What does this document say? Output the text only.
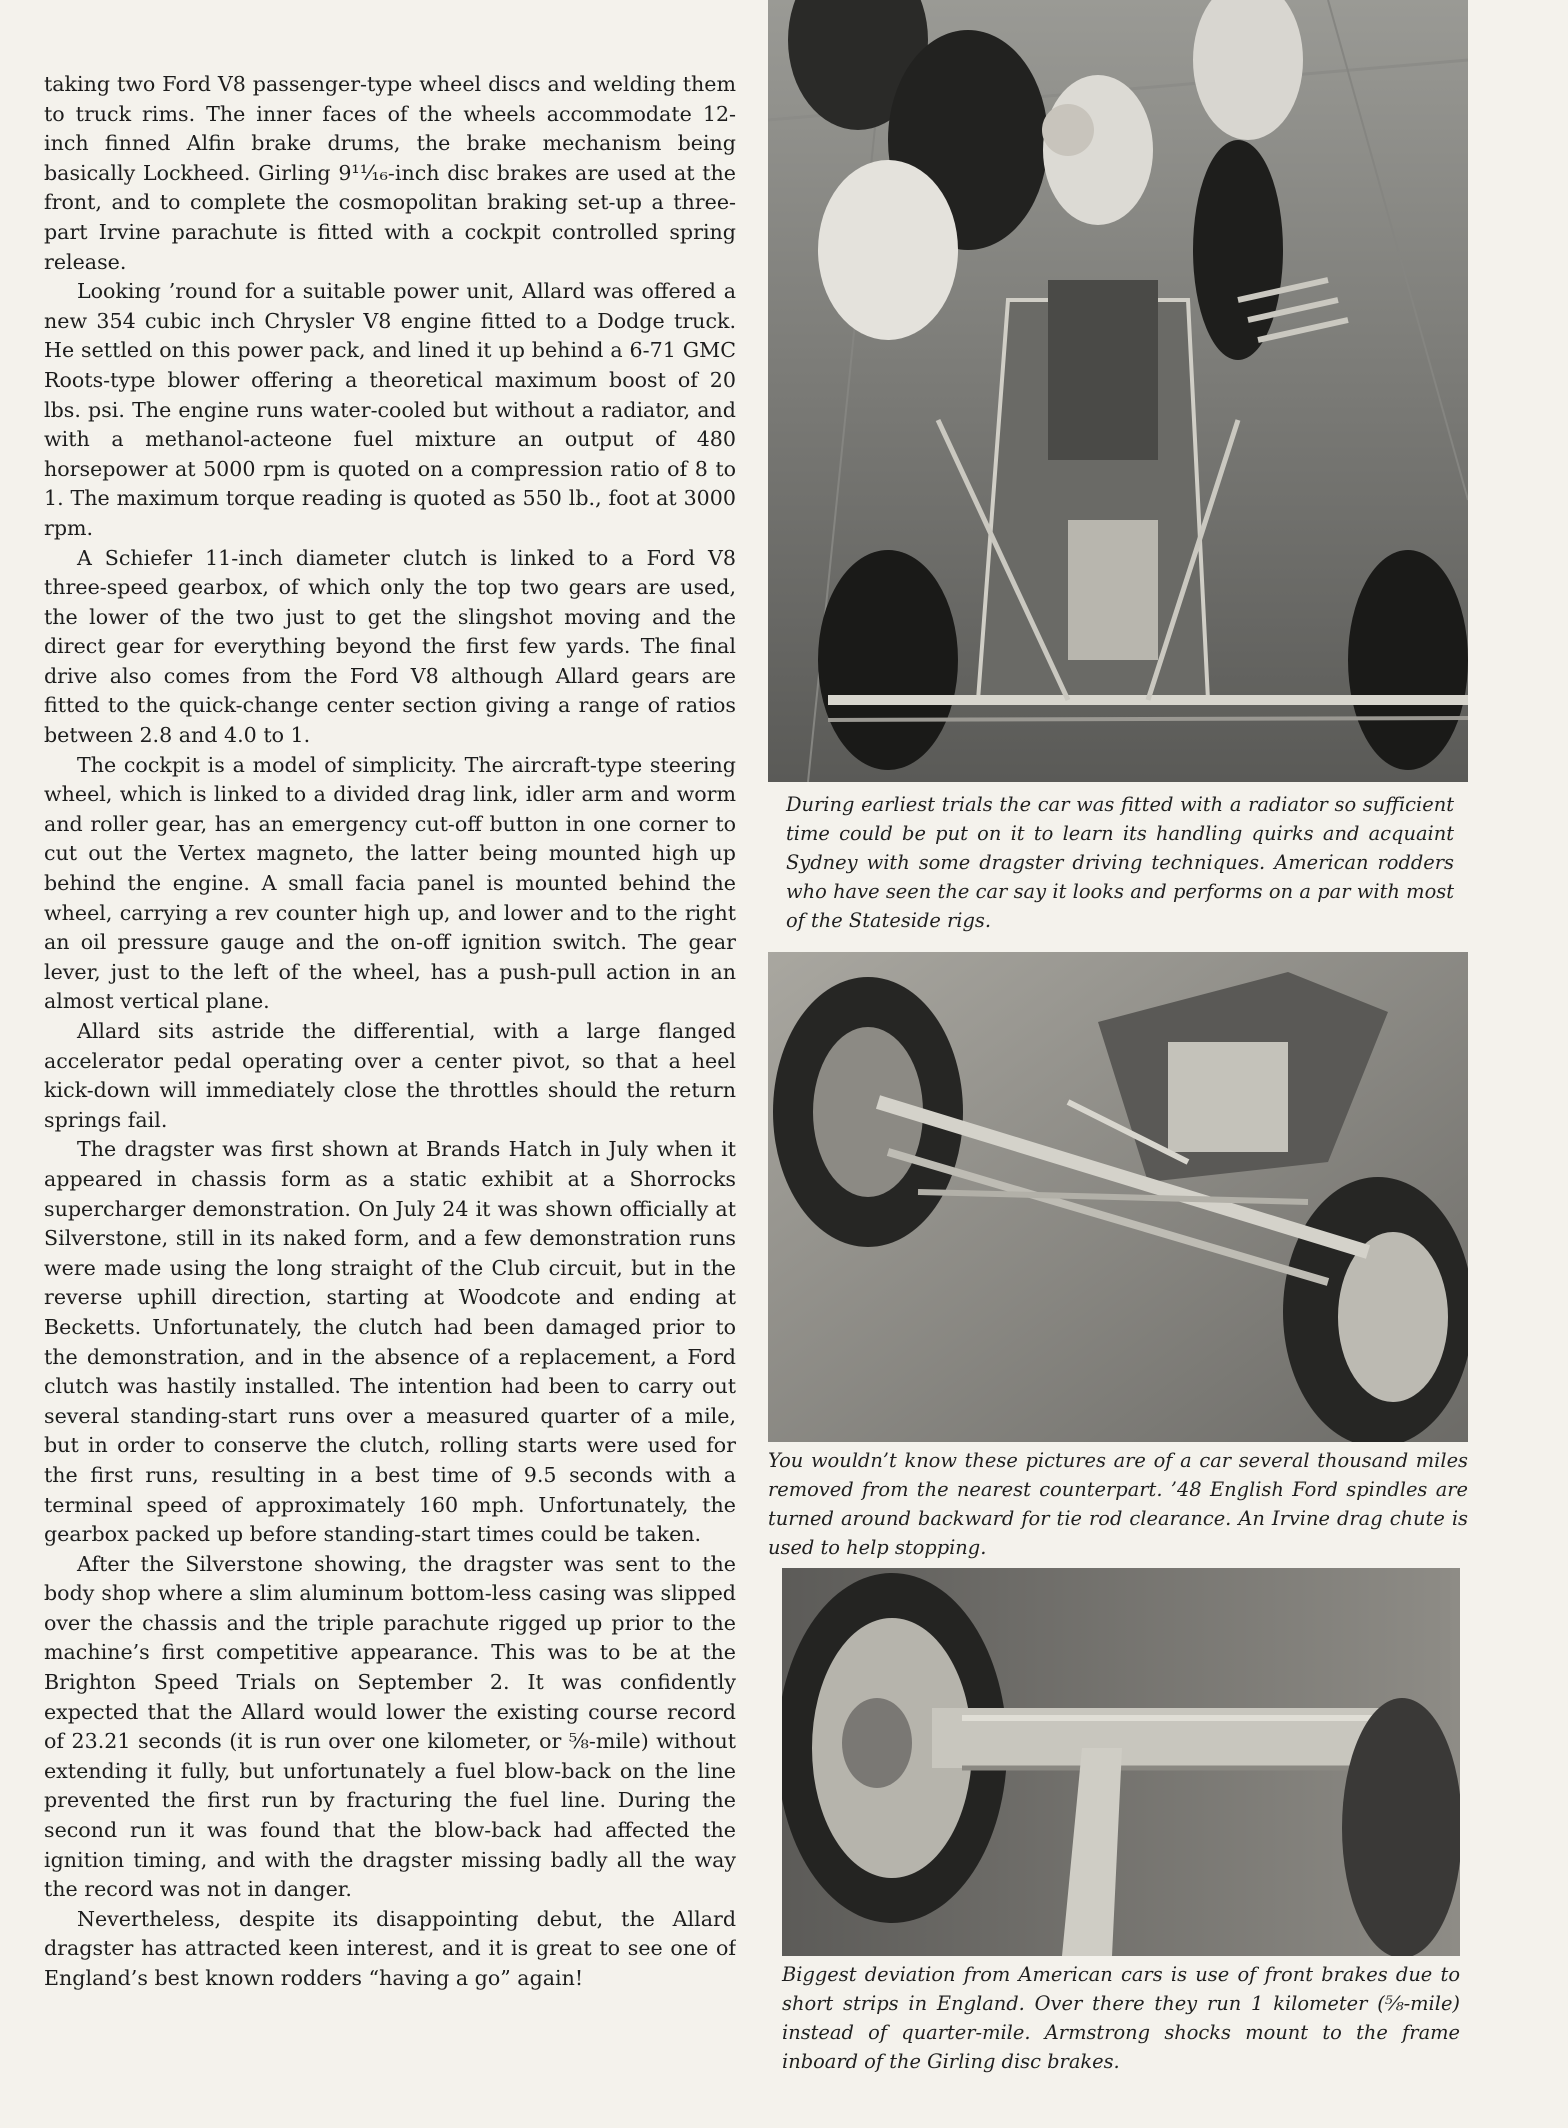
taking two Ford V8 passenger-type wheel discs and welding them to truck rims. The inner faces of the wheels accommodate 12-inch finned Alfin brake drums, the brake mechanism being basically Lockheed. Girling 9¹¹⁄₁₆-inch disc brakes are used at the front, and to complete the cosmopolitan braking set-up a three-part Irvine parachute is fitted with a cockpit controlled spring release.

Looking ’round for a suitable power unit, Allard was offered a new 354 cubic inch Chrysler V8 engine fitted to a Dodge truck. He settled on this power pack, and lined it up behind a 6-71 GMC Roots-type blower offering a theoretical maximum boost of 20 lbs. psi. The engine runs water-cooled but without a radiator, and with a methanol-acteone fuel mixture an output of 480 horsepower at 5000 rpm is quoted on a compression ratio of 8 to 1. The maximum torque reading is quoted as 550 lb., foot at 3000 rpm.

A Schiefer 11-inch diameter clutch is linked to a Ford V8 three-speed gearbox, of which only the top two gears are used, the lower of the two just to get the slingshot moving and the direct gear for everything beyond the first few yards. The final drive also comes from the Ford V8 although Allard gears are fitted to the quick-change center section giving a range of ratios between 2.8 and 4.0 to 1.

The cockpit is a model of simplicity. The aircraft-type steering wheel, which is linked to a divided drag link, idler arm and worm and roller gear, has an emergency cut-off button in one corner to cut out the Vertex magneto, the latter being mounted high up behind the engine. A small facia panel is mounted behind the wheel, carrying a rev counter high up, and lower and to the right an oil pressure gauge and the on-off ignition switch. The gear lever, just to the left of the wheel, has a push-pull action in an almost vertical plane.

Allard sits astride the differential, with a large flanged accelerator pedal operating over a center pivot, so that a heel kick-down will immediately close the throttles should the return springs fail.

The dragster was first shown at Brands Hatch in July when it appeared in chassis form as a static exhibit at a Shorrocks supercharger demonstration. On July 24 it was shown officially at Silverstone, still in its naked form, and a few demonstration runs were made using the long straight of the Club circuit, but in the reverse uphill direction, starting at Woodcote and ending at Becketts. Unfortunately, the clutch had been damaged prior to the demonstration, and in the absence of a replacement, a Ford clutch was hastily installed. The intention had been to carry out several standing-start runs over a measured quarter of a mile, but in order to conserve the clutch, rolling starts were used for the first runs, resulting in a best time of 9.5 seconds with a terminal speed of approximately 160 mph. Unfortunately, the gearbox packed up before standing-start times could be taken.

After the Silverstone showing, the dragster was sent to the body shop where a slim aluminum bottom-less casing was slipped over the chassis and the triple parachute rigged up prior to the machine’s first competitive appearance. This was to be at the Brighton Speed Trials on September 2. It was confidently expected that the Allard would lower the existing course record of 23.21 seconds (it is run over one kilometer, or ⅝-mile) without extending it fully, but unfortunately a fuel blow-back on the line prevented the first run by fracturing the fuel line. During the second run it was found that the blow-back had affected the ignition timing, and with the dragster missing badly all the way the record was not in danger.

Nevertheless, despite its disappointing debut, the Allard dragster has attracted keen interest, and it is great to see one of England’s best known rodders “having a go” again!

During earliest trials the car was fitted with a radiator so sufficient time could be put on it to learn its handling quirks and acquaint Sydney with some dragster driving techniques. American rodders who have seen the car say it looks and performs on a par with most of the Stateside rigs.

You wouldn’t know these pictures are of a car several thousand miles removed from the nearest counterpart. ’48 English Ford spindles are turned around backward for tie rod clearance. An Irvine drag chute is used to help stopping.

Biggest deviation from American cars is use of front brakes due to short strips in England. Over there they run 1 kilometer (⅝-mile) instead of quarter-mile. Armstrong shocks mount to the frame inboard of the Girling disc brakes.
